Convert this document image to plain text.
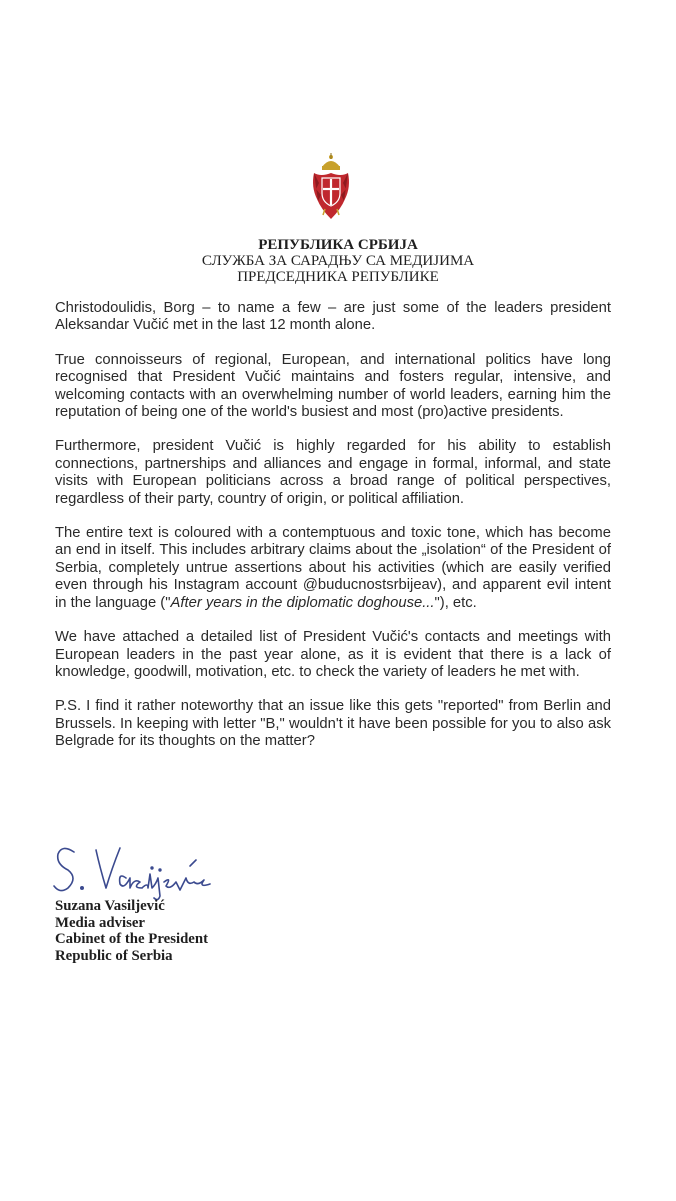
РЕПУБЛИКА СРБИЈА
СЛУЖБА ЗА САРАДЊУ СА МЕДИЈИМА
ПРЕДСЕДНИКА РЕПУБЛИКЕ

Christodoulidis, Borg – to name a few – are just some of the leaders president Aleksandar Vučić met in the last 12 month alone.

True connoisseurs of regional, European, and international politics have long recognised that President Vučić maintains and fosters regular, intensive, and welcoming contacts with an overwhelming number of world leaders, earning him the reputation of being one of the world's busiest and most (pro)active presidents.

Furthermore, president Vučić is highly regarded for his ability to establish connections, partnerships and alliances and engage in formal, informal, and state visits with European politicians across a broad range of political perspectives, regardless of their party, country of origin, or political affiliation.

The entire text is coloured with a contemptuous and toxic tone, which has become an end in itself. This includes arbitrary claims about the „isolation“ of the President of Serbia, completely untrue assertions about his activities (which are easily verified even through his Instagram account @buducnostsrbijeav), and apparent evil intent in the language ("After years in the diplomatic doghouse..."), etc.

We have attached a detailed list of President Vučić's contacts and meetings with European leaders in the past year alone, as it is evident that there is a lack of knowledge, goodwill, motivation, etc. to check the variety of leaders he met with.

P.S. I find it rather noteworthy that an issue like this gets "reported" from Berlin and Brussels. In keeping with letter "B," wouldn't it have been possible for you to also ask Belgrade for its thoughts on the matter?

Suzana Vasiljević
Media adviser
Cabinet of the President
Republic of Serbia
